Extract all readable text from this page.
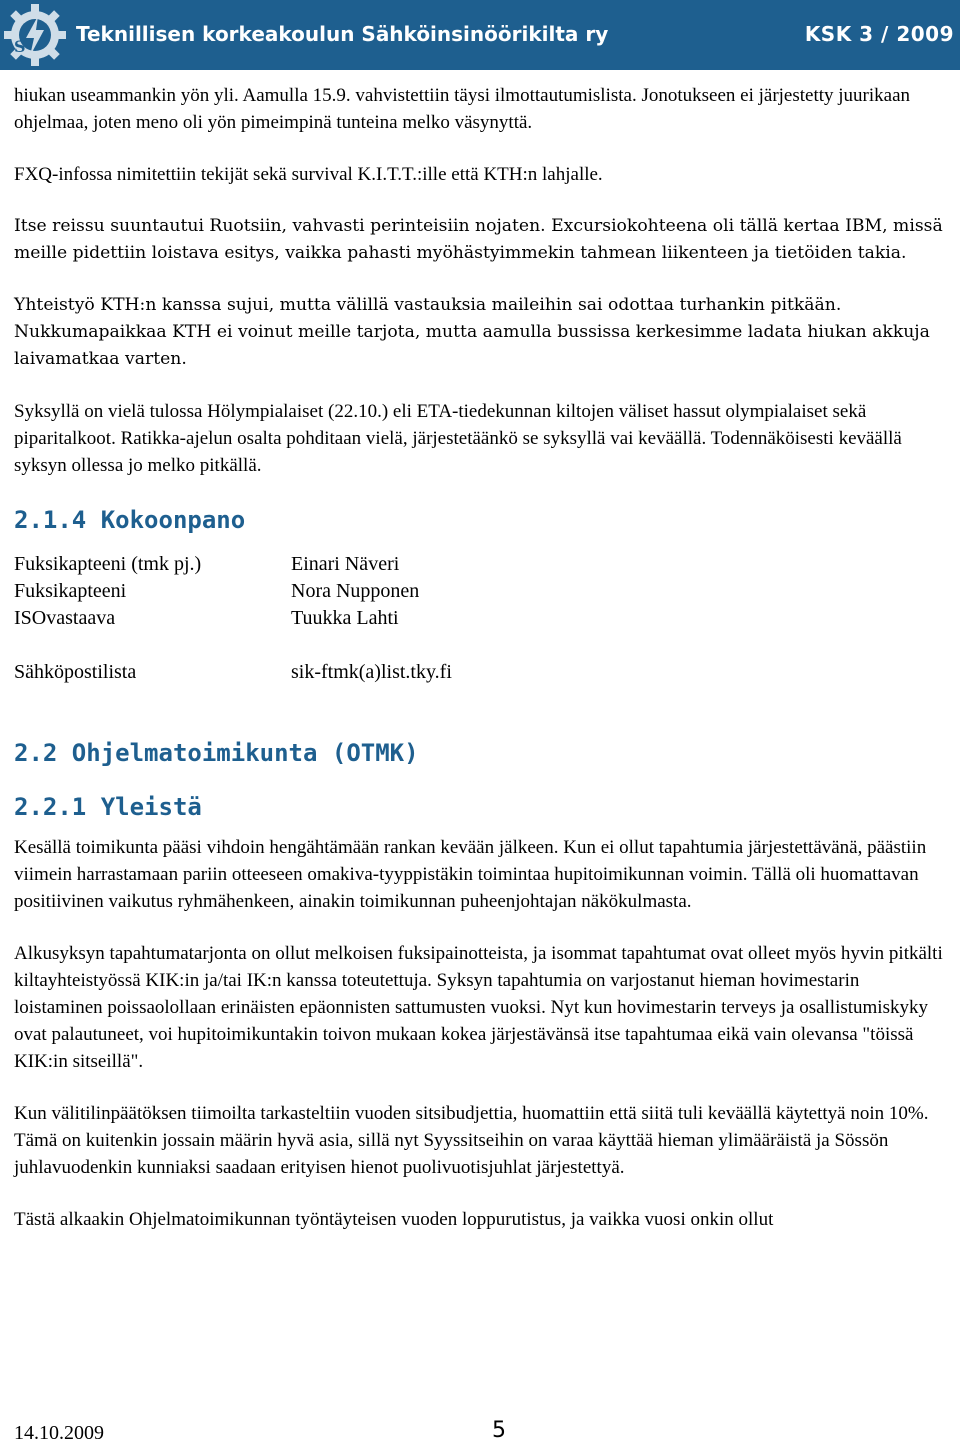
S
Teknillisen korkeakoulun Sähköinsinöörikilta ry	KSK 3 / 2009

hiukan useammankin yön yli. Aamulla 15.9. vahvistettiin täysi ilmottautumislista. Jonotukseen ei järjestetty juurikaan ohjelmaa, joten meno oli yön pimeimpinä tunteina melko väsynyttä.

FXQ-infossa nimitettiin tekijät sekä survival K.I.T.T.:ille että KTH:n lahjalle.

Itse reissu suuntautui Ruotsiin, vahvasti perinteisiin nojaten. Excursiokohteena oli tällä kertaa IBM, missä meille pidettiin loistava esitys, vaikka pahasti myöhästyimmekin tahmean liikenteen ja tietöiden takia.

Yhteistyö KTH:n kanssa sujui, mutta välillä vastauksia maileihin sai odottaa turhankin pitkään. Nukkumapaikkaa KTH ei voinut meille tarjota, mutta aamulla bussissa kerkesimme ladata hiukan akkuja laivamatkaa varten.

Syksyllä on vielä tulossa Hölympialaiset (22.10.) eli ETA-tiedekunnan kiltojen väliset hassut olympialaiset sekä piparitalkoot. Ratikka-ajelun osalta pohditaan vielä, järjestetäänkö se syksyllä vai keväällä. Todennäköisesti keväällä syksyn ollessa jo melko pitkällä.

2.1.4 Kokoonpano
Fuksikapteeni (tmk pj.)	Einari Näveri
Fuksikapteeni	Nora Nupponen
ISOvastaava	Tuukka Lahti
Sähköpostilista	sik-ftmk(a)list.tky.fi
2.2 Ohjelmatoimikunta (OTMK)
2.2.1 Yleistä

Kesällä toimikunta pääsi vihdoin hengähtämään rankan kevään jälkeen. Kun ei ollut tapahtumia järjestettävänä, päästiin viimein harrastamaan pariin otteeseen omakiva-tyyppistäkin toimintaa hupitoimikunnan voimin. Tällä oli huomattavan positiivinen vaikutus ryhmähenkeen, ainakin toimikunnan puheenjohtajan näkökulmasta.

Alkusyksyn tapahtumatarjonta on ollut melkoisen fuksipainotteista, ja isommat tapahtumat ovat olleet myös hyvin pitkälti kiltayhteistyössä KIK:in ja/tai IK:n kanssa toteutettuja. Syksyn tapahtumia on varjostanut hieman hovimestarin loistaminen poissaolollaan erinäisten epäonnisten sattumusten vuoksi. Nyt kun hovimestarin terveys ja osallistumiskyky ovat palautuneet, voi hupitoimikuntakin toivon mukaan kokea järjestävänsä itse tapahtumaa eikä vain olevansa "töissä KIK:in sitseillä".

Kun välitilinpäätöksen tiimoilta tarkasteltiin vuoden sitsibudjettia, huomattiin että siitä tuli keväällä käytettyä noin 10%. Tämä on kuitenkin jossain määrin hyvä asia, sillä nyt Syyssitseihin on varaa käyttää hieman ylimääräistä ja Sössön juhlavuodenkin kunniaksi saadaan erityisen hienot puolivuotisjuhlat järjestettyä.

Tästä alkaakin Ohjelmatoimikunnan työntäyteisen vuoden loppurutistus, ja vaikka vuosi onkin ollut

14.10.2009	5
